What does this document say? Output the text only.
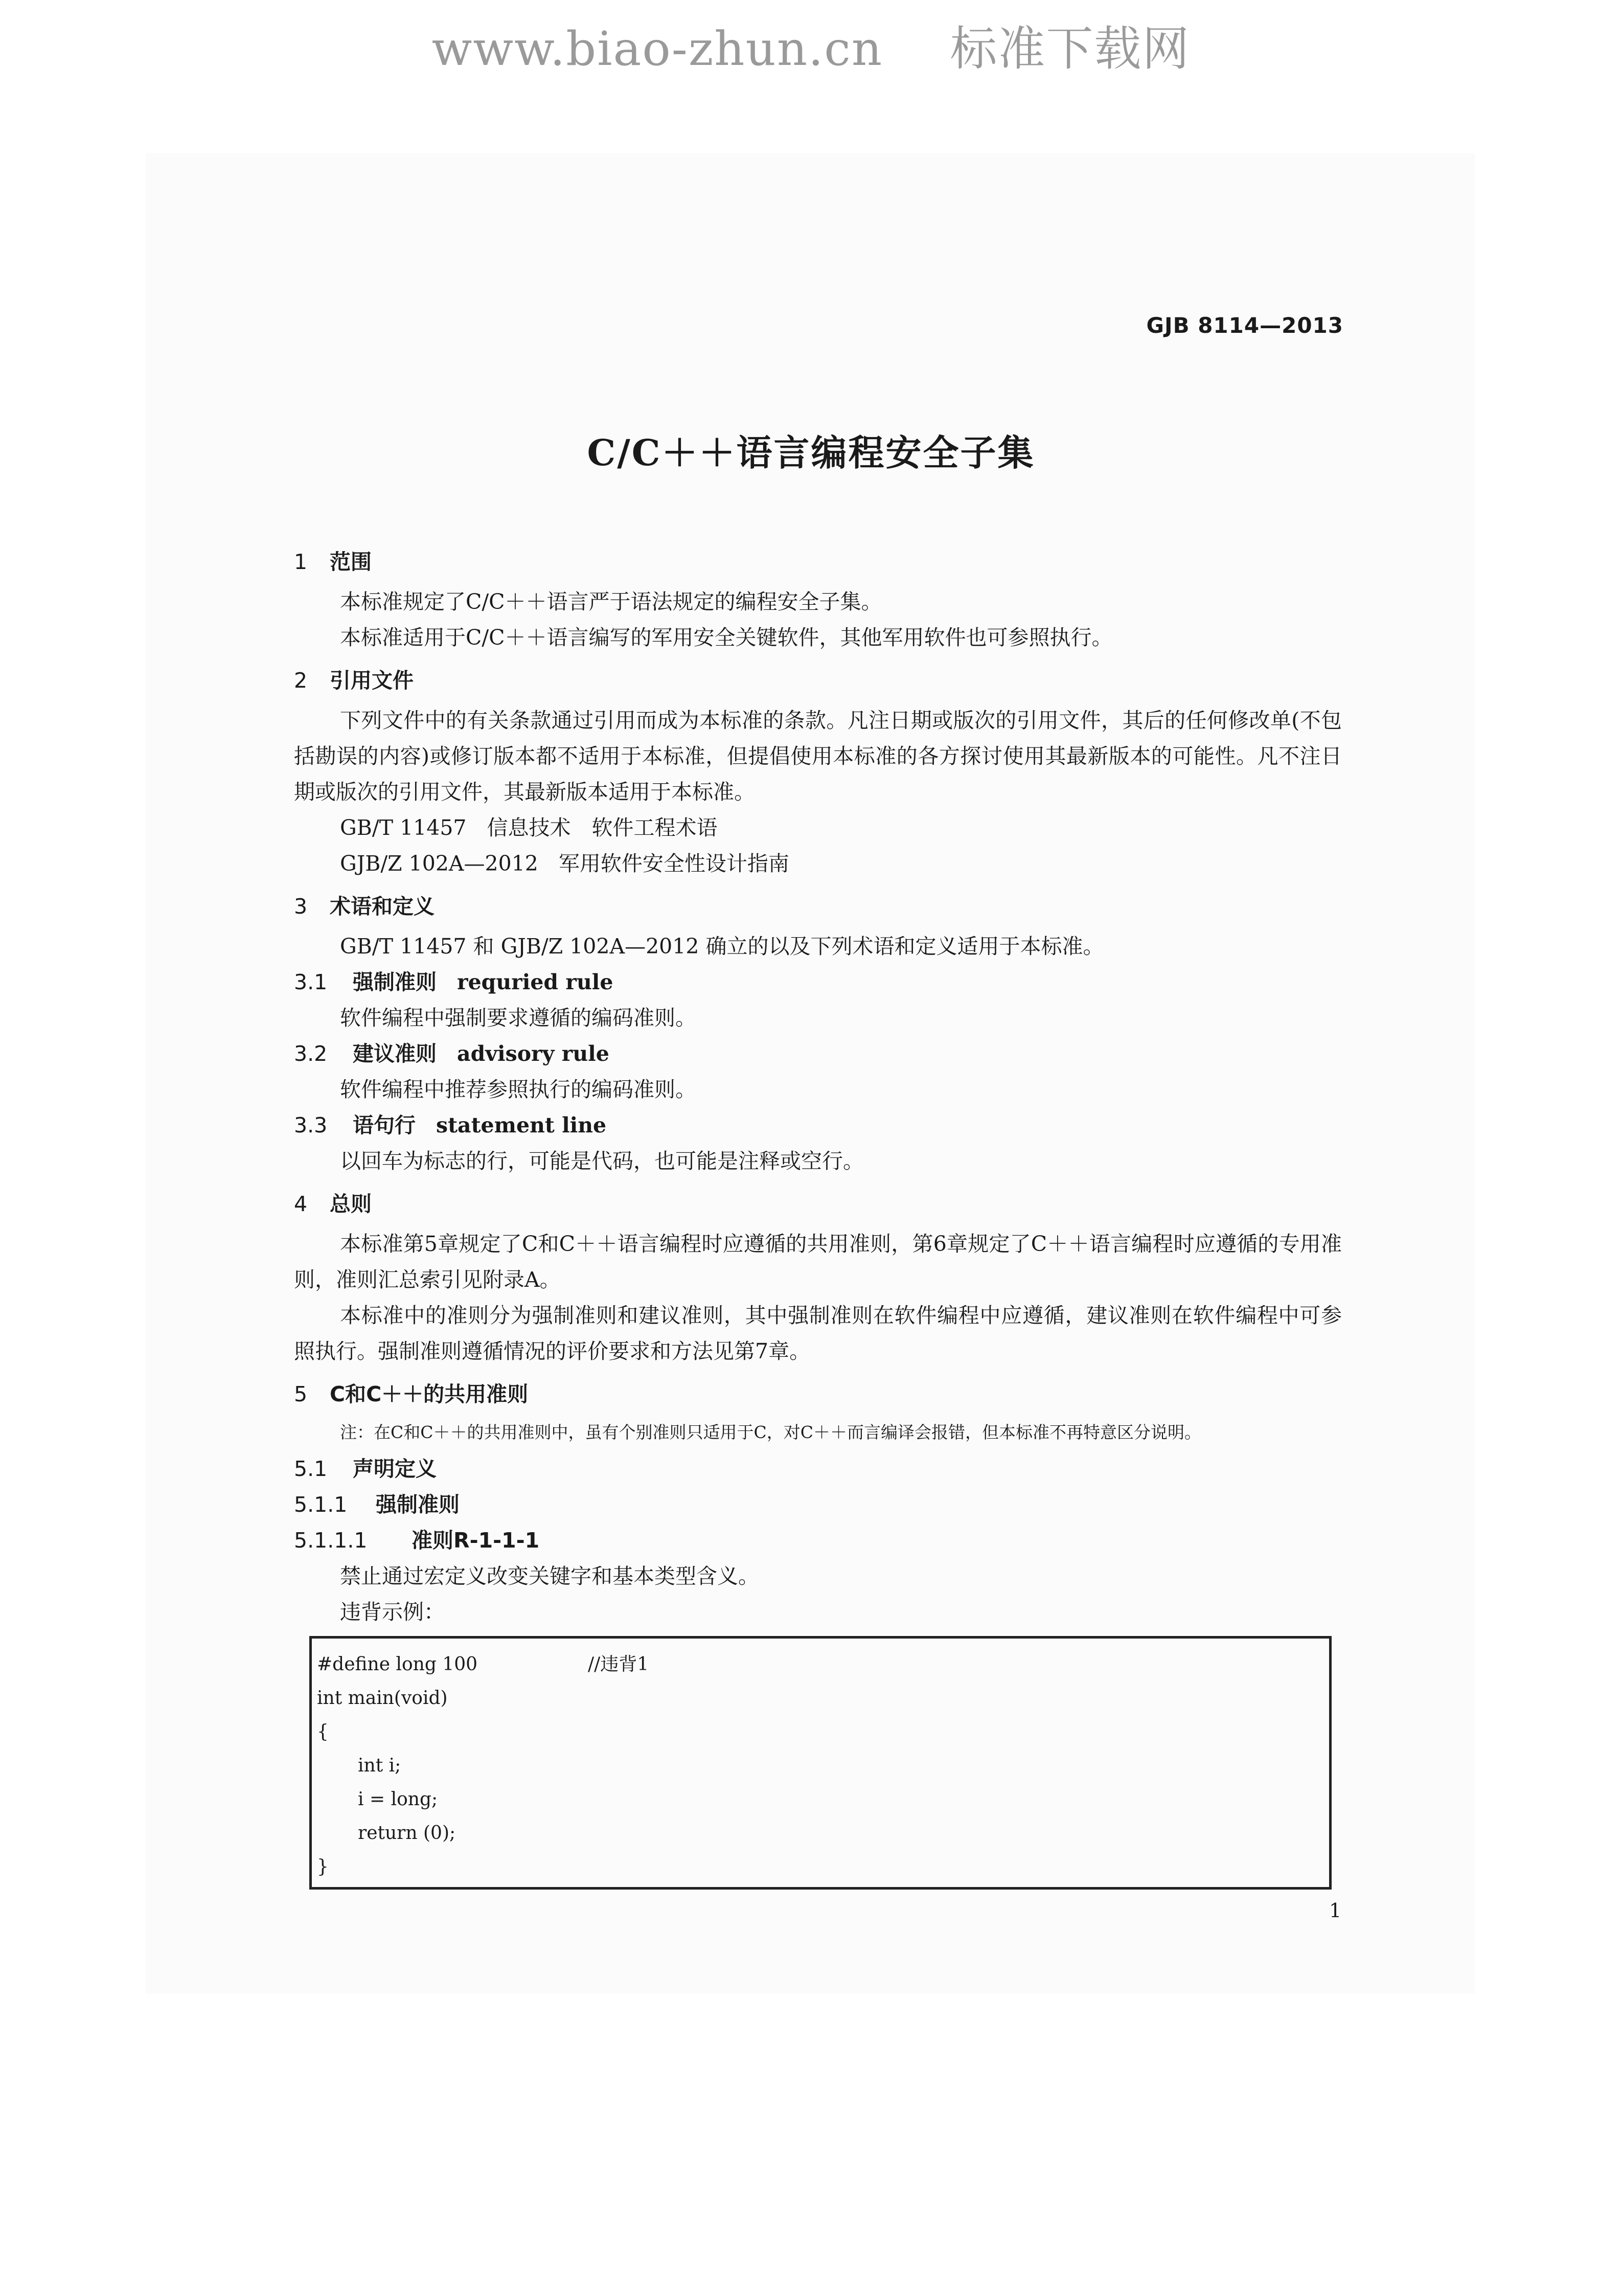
www.biao-zhun.cn 标准下载网
GJB 8114—2013
C/C＋＋语言编程安全子集
1 范围

本标准规定了C/C＋＋语言严于语法规定的编程安全子集。

本标准适用于C/C＋＋语言编写的军用安全关键软件，其他军用软件也可参照执行。

2 引用文件

下列文件中的有关条款通过引用而成为本标准的条款。凡注日期或版次的引用文件，其后的任何修改单(不包括勘误的内容)或修订版本都不适用于本标准，但提倡使用本标准的各方探讨使用其最新版本的可能性。凡不注日期或版次的引用文件，其最新版本适用于本标准。

GB/T 11457 信息技术　软件工程术语

GJB/Z 102A—2012 军用软件安全性设计指南

3 术语和定义

GB/T 11457 和 GJB/Z 102A—2012 确立的以及下列术语和定义适用于本标准。

3.1 强制准则 requried rule

软件编程中强制要求遵循的编码准则。

3.2 建议准则 advisory rule

软件编程中推荐参照执行的编码准则。

3.3 语句行 statement line

以回车为标志的行，可能是代码，也可能是注释或空行。

4 总则

本标准第5章规定了C和C＋＋语言编程时应遵循的共用准则，第6章规定了C＋＋语言编程时应遵循的专用准则，准则汇总索引见附录A。

本标准中的准则分为强制准则和建议准则，其中强制准则在软件编程中应遵循，建议准则在软件编程中可参照执行。强制准则遵循情况的评价要求和方法见第7章。

5 C和C＋＋的共用准则

注：在C和C＋＋的共用准则中，虽有个别准则只适用于C，对C＋＋而言编译会报错，但本标准不再特意区分说明。

5.1 声明定义
5.1.1 强制准则
5.1.1.1 准则R-1-1-1

禁止通过宏定义改变关键字和基本类型含义。

违背示例：

#define long 100	//违背1
int main(void)
{
int i;
i = long;
return (0);
}
1
